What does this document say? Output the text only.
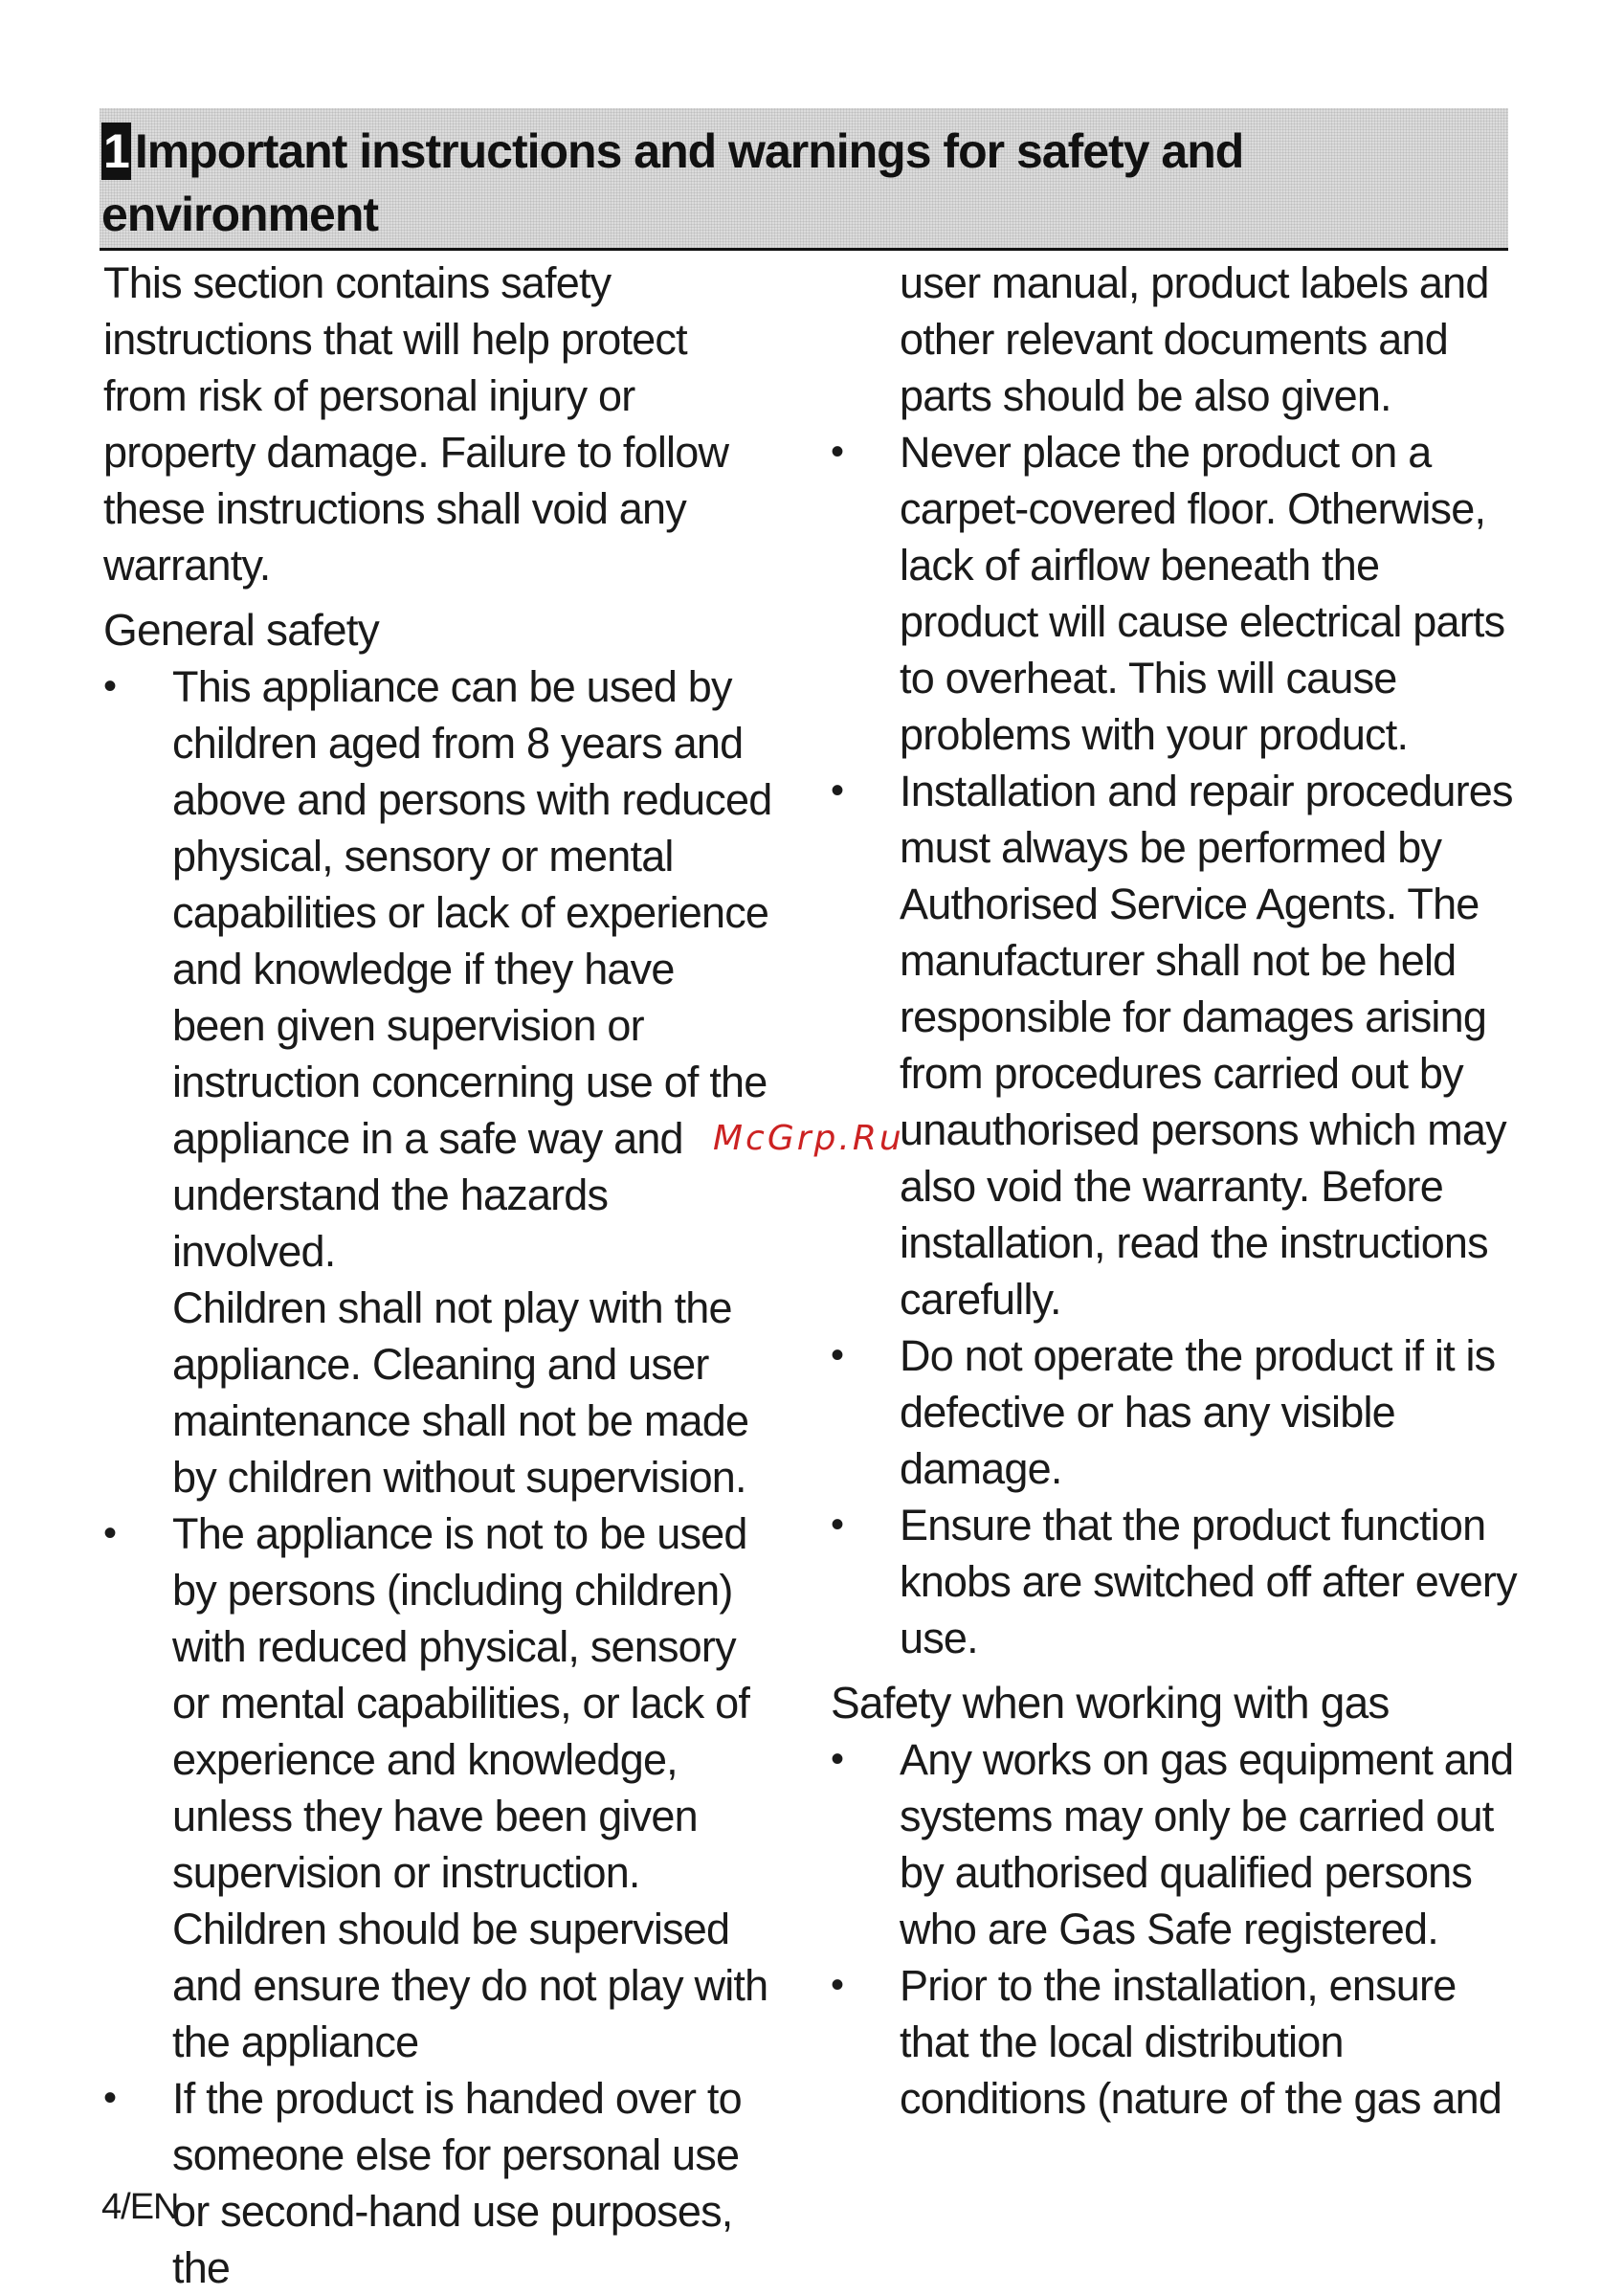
1 Important instructions and warnings for safety and environment

This section contains safety instructions that will help protect from risk of personal injury or property damage. Failure to follow these instructions shall void any warranty.

General safety

• This appliance can be used by children aged from 8 years and above and persons with reduced physical, sensory or mental capabilities or lack of experience and knowledge if they have been given supervision or instruction concerning use of the appliance in a safe way and understand the hazards involved.

Children shall not play with the appliance. Cleaning and user maintenance shall not be made by children without supervision.

• The appliance is not to be used by persons (including children) with reduced physical, sensory or mental capabilities, or lack of experience and knowledge, unless they have been given supervision or instruction.

Children should be supervised and ensure they do not play with the appliance

• If the product is handed over to someone else for personal use or second-hand use purposes, the

user manual, product labels and other relevant documents and parts should be also given.

• Never place the product on a carpet-covered floor. Otherwise, lack of airflow beneath the product will cause electrical parts to overheat. This will cause problems with your product.
• Installation and repair procedures must always be performed by Authorised Service Agents. The manufacturer shall not be held responsible for damages arising from procedures carried out by unauthorised persons which may also void the warranty. Before installation, read the instructions carefully.
• Do not operate the product if it is defective or has any visible damage.
• Ensure that the product function knobs are switched off after every use.

Safety when working with gas

• Any works on gas equipment and systems may only be carried out by authorised qualified persons who are Gas Safe registered.
• Prior to the installation, ensure that the local distribution conditions (nature of the gas and
McGrp.Ru
4/EN
